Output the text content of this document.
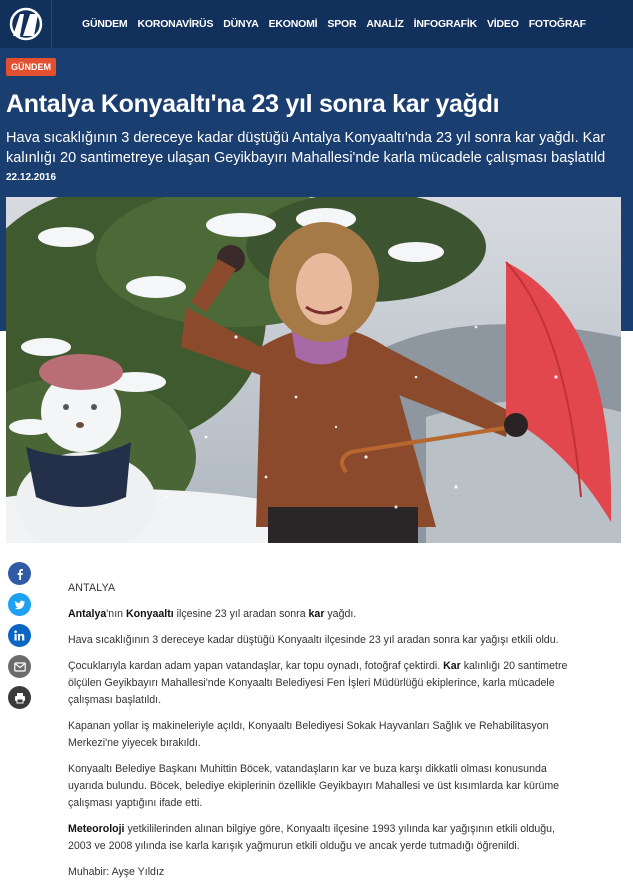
GÜNDEM KORONAVİRÜS DÜNYA EKONOMİ SPOR ANALİZ İNFOGRAFİK VİDEO FOTOĞRAF
GÜNDEM
Antalya Konyaaltı'na 23 yıl sonra kar yağdı
Hava sıcaklığının 3 dereceye kadar düştüğü Antalya Konyaaltı'nda 23 yıl sonra kar yağdı. Kar
kalınlığı 20 santimetreye ulaşan Geyikbayırı Mahallesi'nde karla mücadele çalışması başlatıld
22.12.2016
ANTALYA

Antalya'nın Konyaaltı ilçesine 23 yıl aradan sonra kar yağdı.

Hava sıcaklığının 3 dereceye kadar düştüğü Konyaaltı ilçesinde 23 yıl aradan sonra kar yağışı etkili oldu.

Çocuklarıyla kardan adam yapan vatandaşlar, kar topu oynadı, fotoğraf çektirdi. Kar kalınlığı 20 santimetre ölçülen Geyikbayırı Mahallesi'nde Konyaaltı Belediyesi Fen İşleri Müdürlüğü ekiplerince, karla mücadele çalışması başlatıldı.

Kapanan yollar iş makineleriyle açıldı, Konyaaltı Belediyesi Sokak Hayvanları Sağlık ve Rehabilitasyon Merkezi'ne yiyecek bırakıldı.

Konyaaltı Belediye Başkanı Muhittin Böcek, vatandaşların kar ve buza karşı dikkatli olması konusunda uyarıda bulundu. Böcek, belediye ekiplerinin özellikle Geyikbayırı Mahallesi ve üst kısımlarda kar kürüme çalışması yaptığını ifade etti.

Meteoroloji yetkililerinden alınan bilgiye göre, Konyaaltı ilçesine 1993 yılında kar yağışının etkili olduğu, 2003 ve 2008 yılında ise karla karışık yağmurun etkili olduğu ve ancak yerde tutmadığı öğrenildi.

Muhabir: Ayşe Yıldız
